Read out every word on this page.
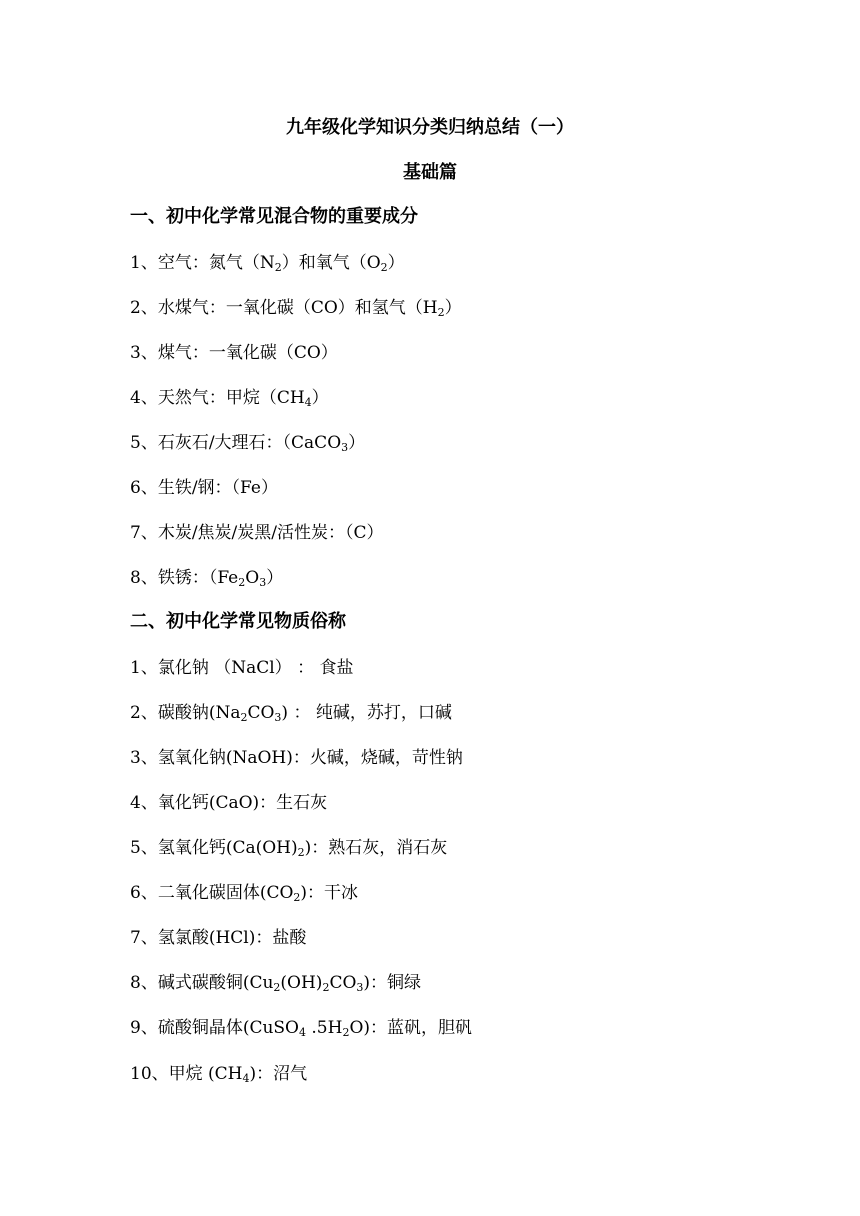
九年级化学知识分类归纳总结（一）
基础篇
一、初中化学常见混合物的重要成分
1、空气：氮气$(N_2)$和氧气$(O_2)$
2、水煤气：一氧化碳（CO）和氢气$(H_2)$
3、煤气：一氧化碳（CO）
4、天然气：甲烷$(CH_4)$
5、石灰石/大理石：（CaCO$_3$）
6、生铁/钢：（Fe）
7、木炭/焦炭/炭黑/活性炭：（C）
8、铁锈：$(Fe_2O_3)$
二、初中化学常见物质俗称
1、氯化钠 （NaCl） ： 食盐
2、碳酸钠$(Na_2CO_3)$ ： 纯碱，苏打，口碱
3、氢氧化钠(NaOH)：火碱，烧碱，苛性钠
4、氧化钙(CaO)：生石灰
5、氢氧化钙$(Ca(OH)_2)$：熟石灰，消石灰
6、二氧化碳固体$(CO_2)$：干冰
7、氢氯酸(HCl)：盐酸
8、碱式碳酸铜$(Cu_2(OH)_2CO_3)$：铜绿
9、硫酸铜晶体(CuSO$_4$ $.5H_2O$)：蓝矾，胆矾
10、甲烷 $(CH_4)$：沼气
